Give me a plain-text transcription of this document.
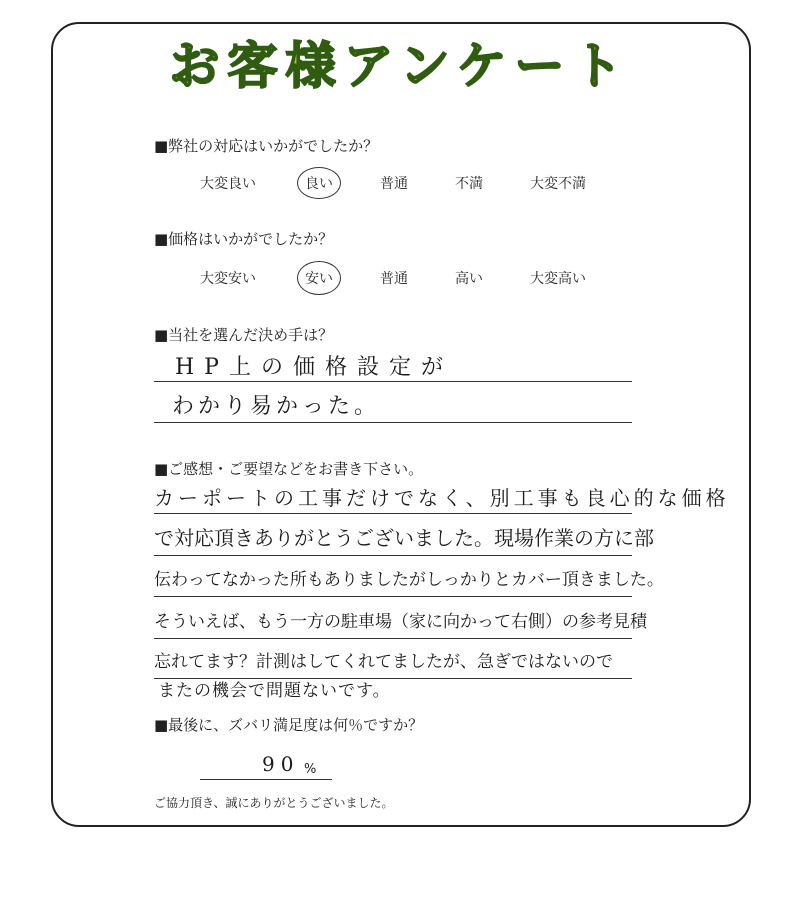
お客様アンケート
■弊社の対応はいかがでしたか？
大変良い	良い	普通	不満	大変不満
■価格はいかがでしたか？
大変安い	安い	普通	高い	大変高い
■当社を選んだ決め手は？
HP上の価格設定が
わかり易かった。
■ご感想・ご要望などをお書き下さい。
カーポートの工事だけでなく、別工事も良心的な価格
で対応頂きありがとうございました。現場作業の方に部
伝わってなかった所もありましたがしっかりとカバー頂きました。
そういえば、もう一方の駐車場（家に向かって右側）の参考見積
忘れてます？計測はしてくれてましたが、急ぎではないので
またの機会で問題ないです。
■最後に、ズバリ満足度は何％ですか？
90 %
ご協力頂き、誠にありがとうございました。
